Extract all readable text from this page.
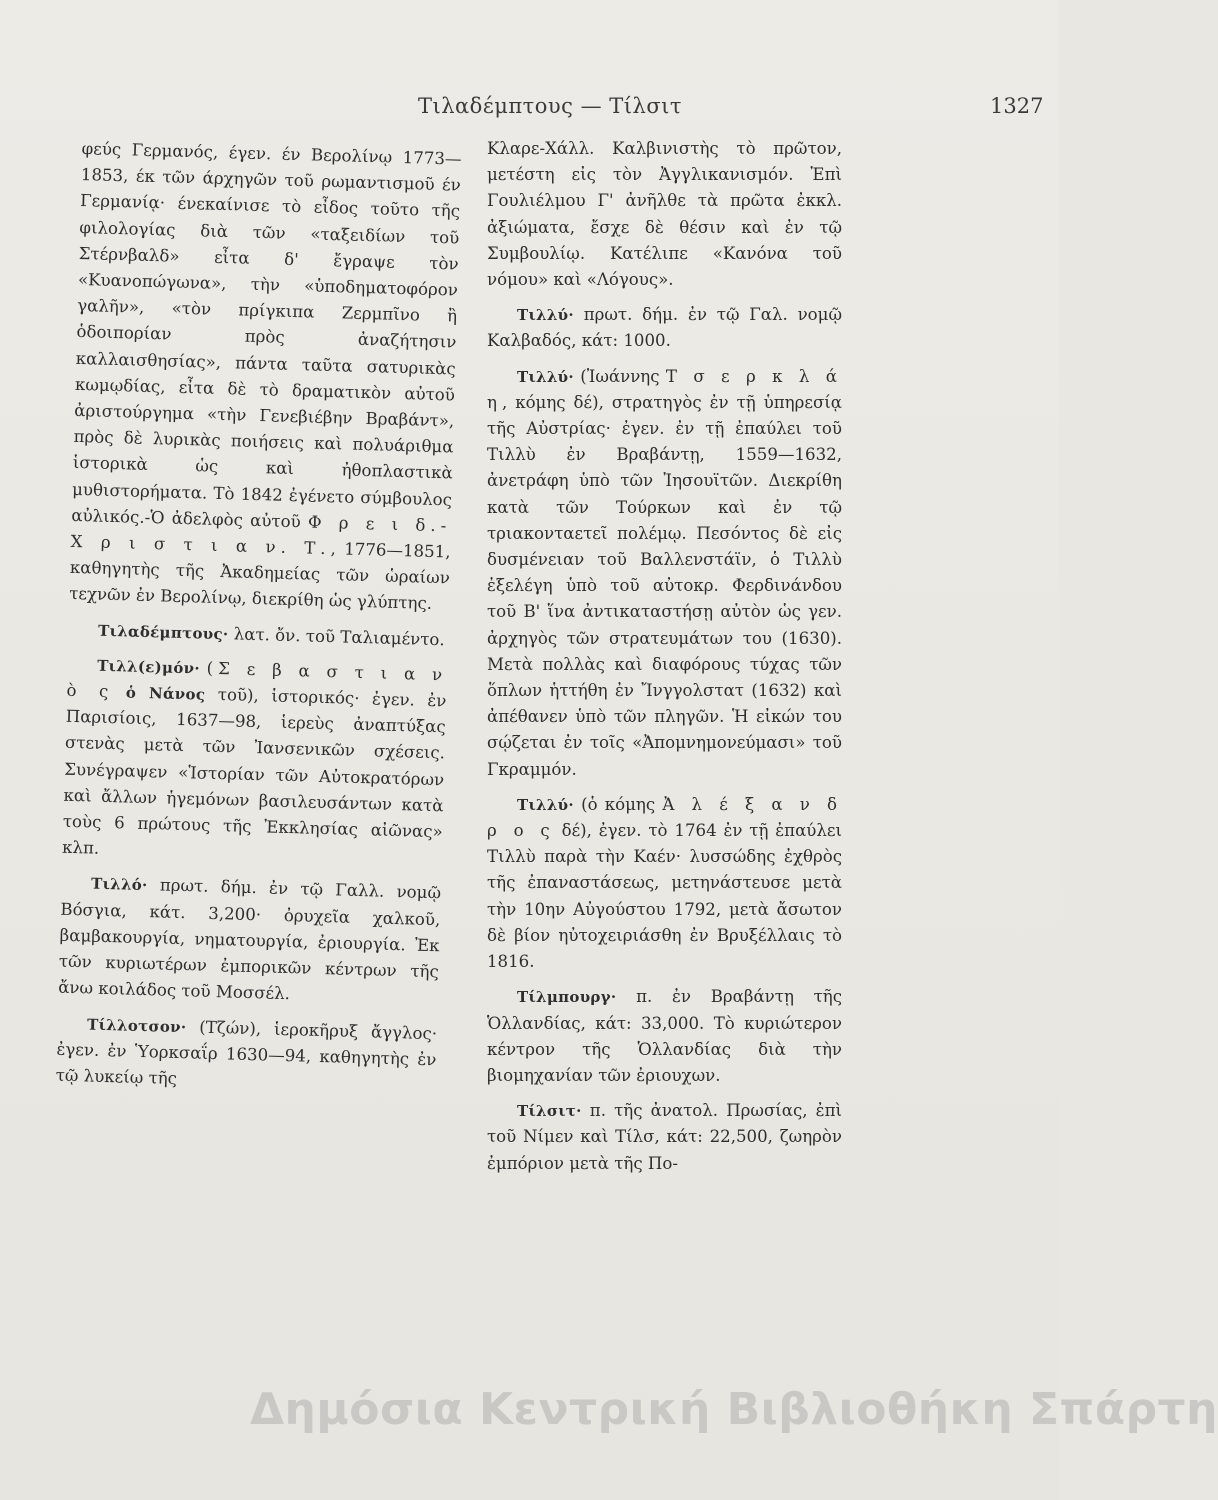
Τιλαδέμπτους — Τίλσιτ	1327

φεύς Γερμανός, έγεν. έν Βερολίνῳ 1773—1853, έκ τῶν άρχηγῶν τοῦ ρωμαντισμοῦ έν Γερμανίᾳ· ένεκαίνισε τὸ εἶδος τοῦτο τῆς φιλολογίας διὰ τῶν «ταξειδίων τοῦ Στέρνβαλδ» εἶτα δ' ἔγραψε τὸν «Κυανοπώγωνα», τὴν «ὑποδηματοφόρον γαλῆν», «τὸν πρίγκιπα Ζερμπῖνο ἢ ὁδοιπορίαν πρὸς ἀναζήτησιν καλλαισθησίας», πάντα ταῦτα σατυρικὰς κωμῳδίας, εἶτα δὲ τὸ δραματικὸν αὐτοῦ ἀριστούργημα «τὴν Γενεβιέβην Βραβάντ», πρὸς δὲ λυρικὰς ποιήσεις καὶ πολυάριθμα ἱστορικὰ ὡς καὶ ἠθοπλαστικὰ μυθιστορήματα. Τὸ 1842 ἐγένετο σύμβουλος αὐλικός.-Ὁ ἀδελφὸς αὐτοῦ Φ ρ ε ι δ.- Χ ρ ι σ τ ι α ν. Τ., 1776—1851, καθηγητὴς τῆς Ἀκαδημείας τῶν ὡραίων τεχνῶν ἐν Βερολίνῳ, διεκρίθη ὡς γλύπτης.

Τιλαδέμπτους· λατ. ὄν. τοῦ Ταλιαμέντο.

Τιλλ(ε)μόν· (Σ ε β α σ τ ι α ν ὸ ς ὁ Νάνος τοῦ), ἱστορικός· ἐγεν. ἐν Παρισίοις, 1637—98, ἱερεὺς ἀναπτύξας στενὰς μετὰ τῶν Ἰανσενικῶν σχέσεις. Συνέγραψεν «Ἱστορίαν τῶν Αὐτοκρατόρων καὶ ἄλλων ἡγεμόνων βασιλευσάντων κατὰ τοὺς 6 πρώτους τῆς Ἐκκλησίας αἰῶνας» κλπ.

Τιλλό· πρωτ. δήμ. ἐν τῷ Γαλλ. νομῷ Βόσγια, κάτ. 3,200· ὀρυχεῖα χαλκοῦ, βαμβακουργία, νηματουργία, ἐριουργία. Ἐκ τῶν κυριωτέρων ἐμπορικῶν κέντρων τῆς ἄνω κοιλάδος τοῦ Μοσσέλ.

Τίλλοτσον· (Τζών), ἱεροκῆρυξ ἄγγλος· ἐγεν. ἐν Ὑορκσαΐρ 1630—94, καθηγητὴς ἐν τῷ λυκείῳ τῆς

Κλαρε-Χάλλ. Καλβινιστὴς τὸ πρῶτον, μετέστη εἰς τὸν Ἀγγλικανισμόν. Ἐπὶ Γουλιέλμου Γ' ἀνῆλθε τὰ πρῶτα ἐκκλ. ἀξιώματα, ἔσχε δὲ θέσιν καὶ ἐν τῷ Συμβουλίῳ. Κατέλιπε «Κανόνα τοῦ νόμου» καὶ «Λόγους».

Τιλλύ· πρωτ. δήμ. ἐν τῷ Γαλ. νομῷ Καλβαδός, κάτ: 1000.

Τιλλύ· (Ἰωάννης Τ σ ε ρ κ λ ά η, κόμης δέ), στρατηγὸς ἐν τῇ ὑπηρεσίᾳ τῆς Αὐστρίας· ἐγεν. ἐν τῇ ἐπαύλει τοῦ Τιλλὺ ἐν Βραβάντῃ, 1559—1632, ἀνετράφη ὑπὸ τῶν Ἰησουϊτῶν. Διεκρίθη κατὰ τῶν Τούρκων καὶ ἐν τῷ τριακονταετεῖ πολέμῳ. Πεσόντος δὲ εἰς δυσμένειαν τοῦ Βαλλενστάϊν, ὁ Τιλλὺ ἐξελέγη ὑπὸ τοῦ αὐτοκρ. Φερδινάνδου τοῦ Β' ἵνα ἀντικαταστήσῃ αὐτὸν ὡς γεν. ἀρχηγὸς τῶν στρατευμάτων του (1630). Μετὰ πολλὰς καὶ διαφόρους τύχας τῶν ὅπλων ἡττήθη ἐν Ἴνγγολστατ (1632) καὶ ἀπέθανεν ὑπὸ τῶν πληγῶν. Ἡ εἰκών του σῴζεται ἐν τοῖς «Ἀπομνημονεύμασι» τοῦ Γκραμμόν.

Τιλλύ· (ὁ κόμης Ἀ λ έ ξ α ν δ ρ ο ς δέ), ἐγεν. τὸ 1764 ἐν τῇ ἐπαύλει Τιλλὺ παρὰ τὴν Καέν· λυσσώδης ἐχθρὸς τῆς ἐπαναστάσεως, μετηνάστευσε μετὰ τὴν 10ην Αὐγούστου 1792, μετὰ ἄσωτον δὲ βίον ηὐτοχειριάσθη ἐν Βρυξέλλαις τὸ 1816.

Τίλμπουργ· π. ἐν Βραβάντῃ τῆς Ὁλλανδίας, κάτ: 33,000. Τὸ κυριώτερον κέντρον τῆς Ὁλλανδίας διὰ τὴν βιομηχανίαν τῶν ἐριουχων.

Τίλσιτ· π. τῆς ἀνατολ. Πρωσίας, ἐπὶ τοῦ Νίμεν καὶ Τίλσ, κάτ: 22,500, ζωηρὸν ἐμπόριον μετὰ τῆς Πο-

Δημόσια Κεντρική Βιβλιοθήκη Σπάρτη
